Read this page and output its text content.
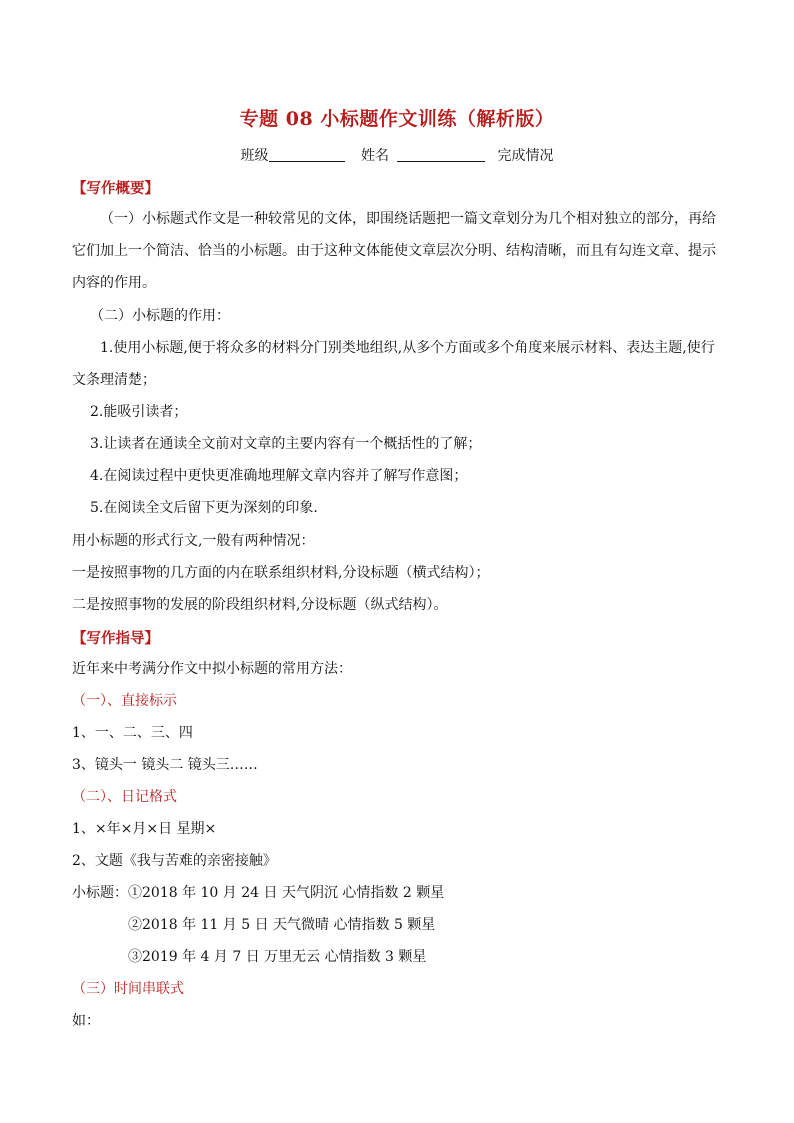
专题 08 小标题作文训练（解析版）
班级	姓名	完成情况
【写作概要】
（一）小标题式作文是一种较常见的文体，即围绕话题把一篇文章划分为几个相对独立的部分，再给
它们加上一个简洁、恰当的小标题。由于这种文体能使文章层次分明、结构清晰，而且有勾连文章、提示
内容的作用。
（二）小标题的作用：
1.使用小标题,便于将众多的材料分门别类地组织,从多个方面或多个角度来展示材料、表达主题,使行
文条理清楚；
2.能吸引读者；
3.让读者在通读全文前对文章的主要内容有一个概括性的了解；
4.在阅读过程中更快更准确地理解文章内容并了解写作意图；
5.在阅读全文后留下更为深刻的印象.
用小标题的形式行文,一般有两种情况：
一是按照事物的几方面的内在联系组织材料,分设标题（横式结构）；
二是按照事物的发展的阶段组织材料,分设标题（纵式结构）。
【写作指导】
近年来中考满分作文中拟小标题的常用方法：
（一）、直接标示
1、一、二、三、四
3、镜头一 镜头二 镜头三……
（二）、日记格式
1、×年×月×日 星期×
2、文题《我与苦难的亲密接触》
小标题：①2018 年 10 月 24 日 天气阴沉 心情指数 2 颗星
②2018 年 11 月 5 日 天气微晴 心情指数 5 颗星
③2019 年 4 月 7 日 万里无云 心情指数 3 颗星
（三）时间串联式
如：
